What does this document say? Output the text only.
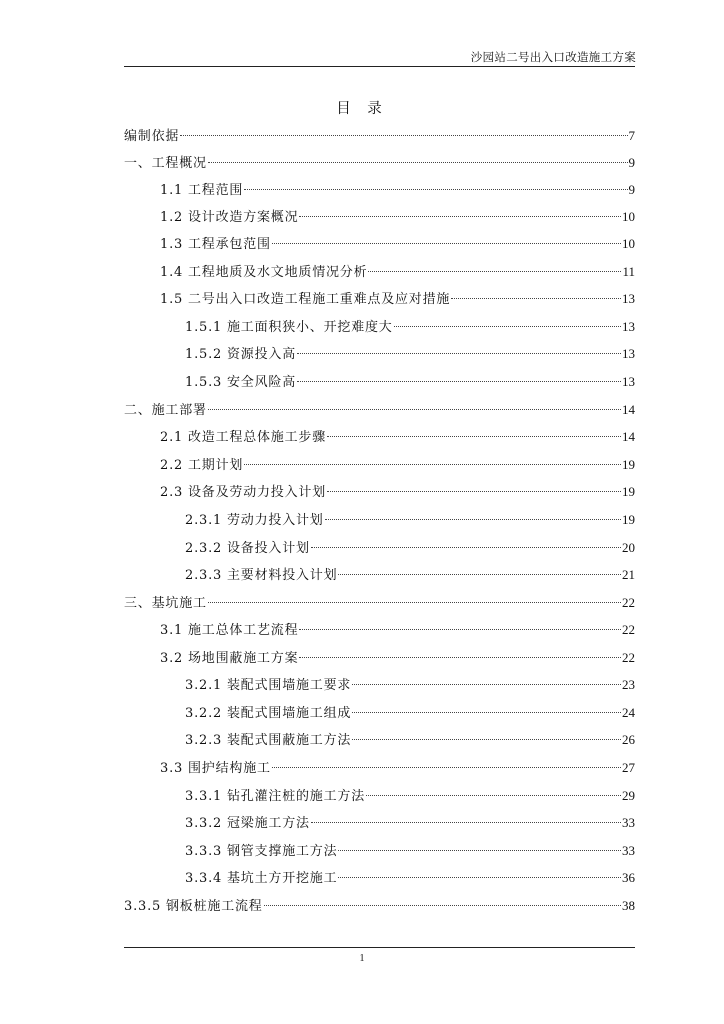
沙园站二号出入口改造施工方案
目 录
编制依据	7
一、工程概况	9
1.1 工程范围	9
1.2 设计改造方案概况	10
1.3 工程承包范围	10
1.4 工程地质及水文地质情况分析	11
1.5 二号出入口改造工程施工重难点及应对措施	13
1.5.1 施工面积狭小、开挖难度大	13
1.5.2 资源投入高	13
1.5.3 安全风险高	13
二、施工部署	14
2.1 改造工程总体施工步骤	14
2.2 工期计划	19
2.3 设备及劳动力投入计划	19
2.3.1 劳动力投入计划	19
2.3.2 设备投入计划	20
2.3.3 主要材料投入计划	21
三、基坑施工	22
3.1 施工总体工艺流程	22
3.2 场地围蔽施工方案	22
3.2.1 装配式围墙施工要求	23
3.2.2 装配式围墙施工组成	24
3.2.3 装配式围蔽施工方法	26
3.3 围护结构施工	27
3.3.1 钻孔灌注桩的施工方法	29
3.3.2 冠梁施工方法	33
3.3.3 钢管支撑施工方法	33
3.3.4 基坑土方开挖施工	36
3.3.5 钢板桩施工流程	38
1
